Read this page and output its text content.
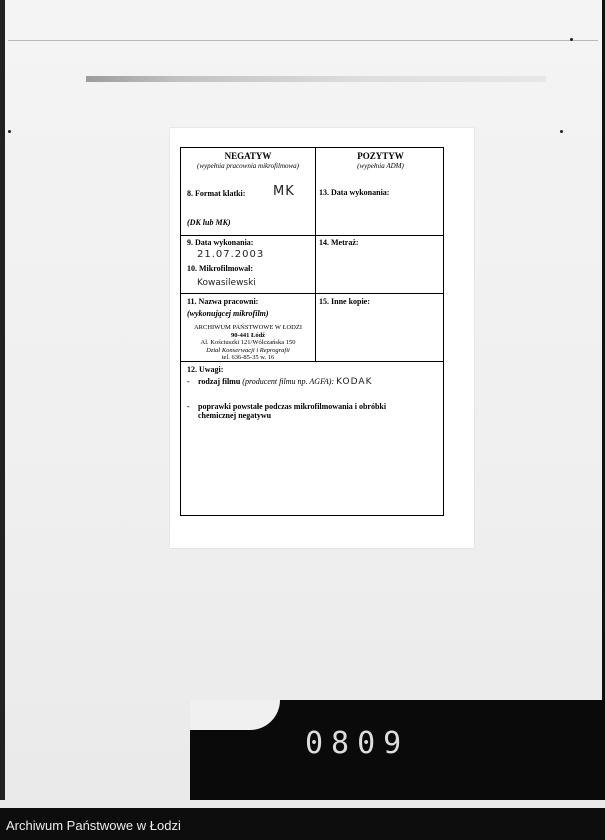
NEGATYW
(wypełnia pracownia mikrofilmowa)
POZYTYW
(wypełnia ADM)
8. Format klatki: MK
(DK lub MK)
13. Data wykonania:
9. Data wykonania:
21.07.2003
10. Mikrofilmował:
Kowasilewski
14. Metraż:
11. Nazwa pracowni:
(wykonującej mikrofilm)
ARCHIWUM PAŃSTWOWE W ŁODZI
90-441 Łódź
Al. Kościuszki 121/Wólczańska 150
Dział Konserwacji i Reprografii
tel. 636-85-35 w. 16
15. Inne kopie:
12. Uwagi:
- rodzaj filmu (producent filmu np. AGFA): KODAK
- poprawki powstałe podczas mikrofilmowania i obróbki chemicznej negatywu
0809
Archiwum Państwowe w Łodzi
